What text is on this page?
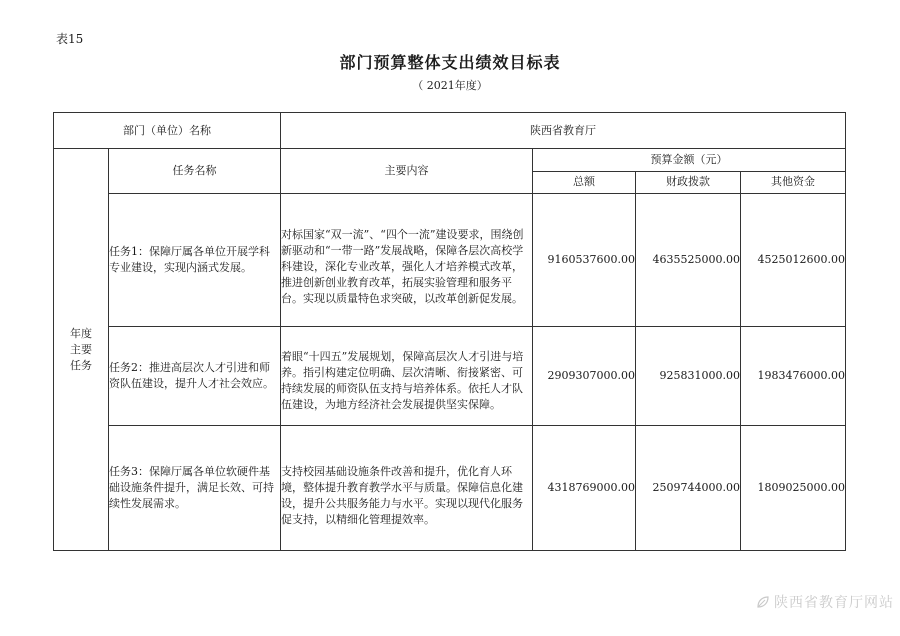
表15
部门预算整体支出绩效目标表
（ 2021年度）
部门（单位）名称		陕西省教育厅			

年度主要任务	任务名称	主要内容	预算金额（元）		
			总额	财政拨款	其他资金
	任务1：保障厅属各单位开展学科专业建设，实现内涵式发展。	对标国家“双一流”、“四个一流”建设要求，围绕创新驱动和“一带一路”发展战略，保障各层次高校学科建设，深化专业改革，强化人才培养模式改革，推进创新创业教育改革，拓展实验管理和服务平台。实现以质量特色求突破，以改革创新促发展。	9160537600.00	4635525000.00	4525012600.00
	任务2：推进高层次人才引进和师资队伍建设，提升人才社会效应。	着眼“十四五”发展规划，保障高层次人才引进与培养。指引构建定位明确、层次清晰、衔接紧密、可持续发展的师资队伍支持与培养体系。依托人才队伍建设，为地方经济社会发展提供坚实保障。	2909307000.00	925831000.00	1983476000.00
	任务3：保障厅属各单位软硬件基础设施条件提升，满足长效、可持续性发展需求。	支持校园基础设施条件改善和提升，优化育人环境，整体提升教育教学水平与质量。保障信息化建设，提升公共服务能力与水平。实现以现代化服务促支持，以精细化管理提效率。	4318769000.00	2509744000.00	1809025000.00
陕西省教育厅网站
